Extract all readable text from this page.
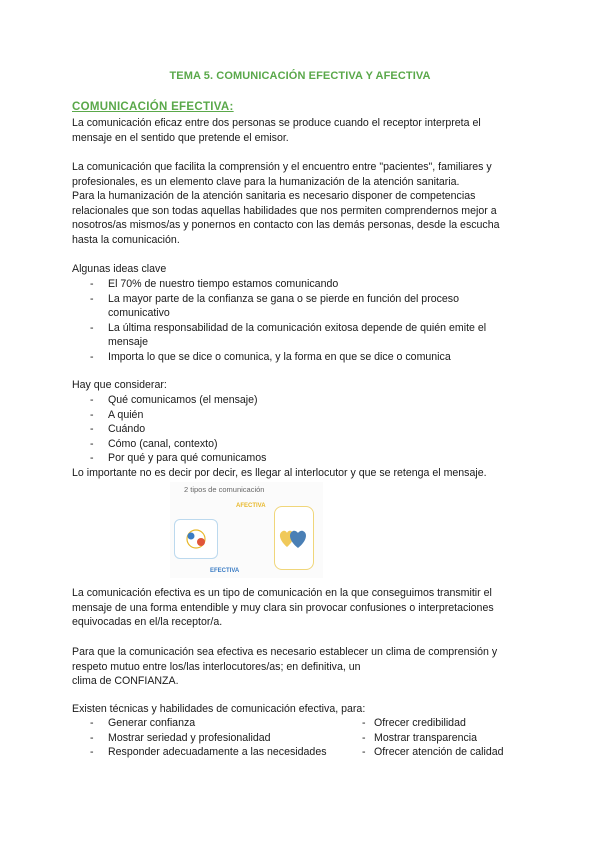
TEMA 5. COMUNICACIÓN EFECTIVA Y AFECTIVA
COMUNICACIÓN EFECTIVA:
La comunicación eficaz entre dos personas se produce cuando el receptor interpreta el
mensaje en el sentido que pretende el emisor.
La comunicación que facilita la comprensión y el encuentro entre "pacientes", familiares y
profesionales, es un elemento clave para la humanización de la atención sanitaria.
Para la humanización de la atención sanitaria es necesario disponer de competencias
relacionales que son todas aquellas habilidades que nos permiten comprendernos mejor a
nosotros/as mismos/as y ponernos en contacto con las demás personas, desde la escucha
hasta la comunicación.
Algunas ideas clave
- El 70% de nuestro tiempo estamos comunicando
- La mayor parte de la confianza se gana o se pierde en función del proceso comunicativo
- La última responsabilidad de la comunicación exitosa depende de quién emite el mensaje
- Importa lo que se dice o comunica, y la forma en que se dice o comunica
Hay que considerar:
- Qué comunicamos (el mensaje)
- A quién
- Cuándo
- Cómo (canal, contexto)
- Por qué y para qué comunicamos
Lo importante no es decir por decir, es llegar al interlocutor y que se retenga el mensaje.
2 tipos de comunicación
EFECTIVA
AFECTIVA
La comunicación efectiva es un tipo de comunicación en la que conseguimos transmitir el
mensaje de una forma entendible y muy clara sin provocar confusiones o interpretaciones
equivocadas en el/la receptor/a.
Para que la comunicación sea efectiva es necesario establecer un clima de comprensión y
respeto mutuo entre los/las interlocutores/as; en definitiva, un
clima de CONFIANZA.
Existen técnicas y habilidades de comunicación efectiva, para:
- Generar confianza	- Ofrecer credibilidad
- Mostrar seriedad y profesionalidad	- Mostrar transparencia
- Responder adecuadamente a las necesidades	- Ofrecer atención de calidad
